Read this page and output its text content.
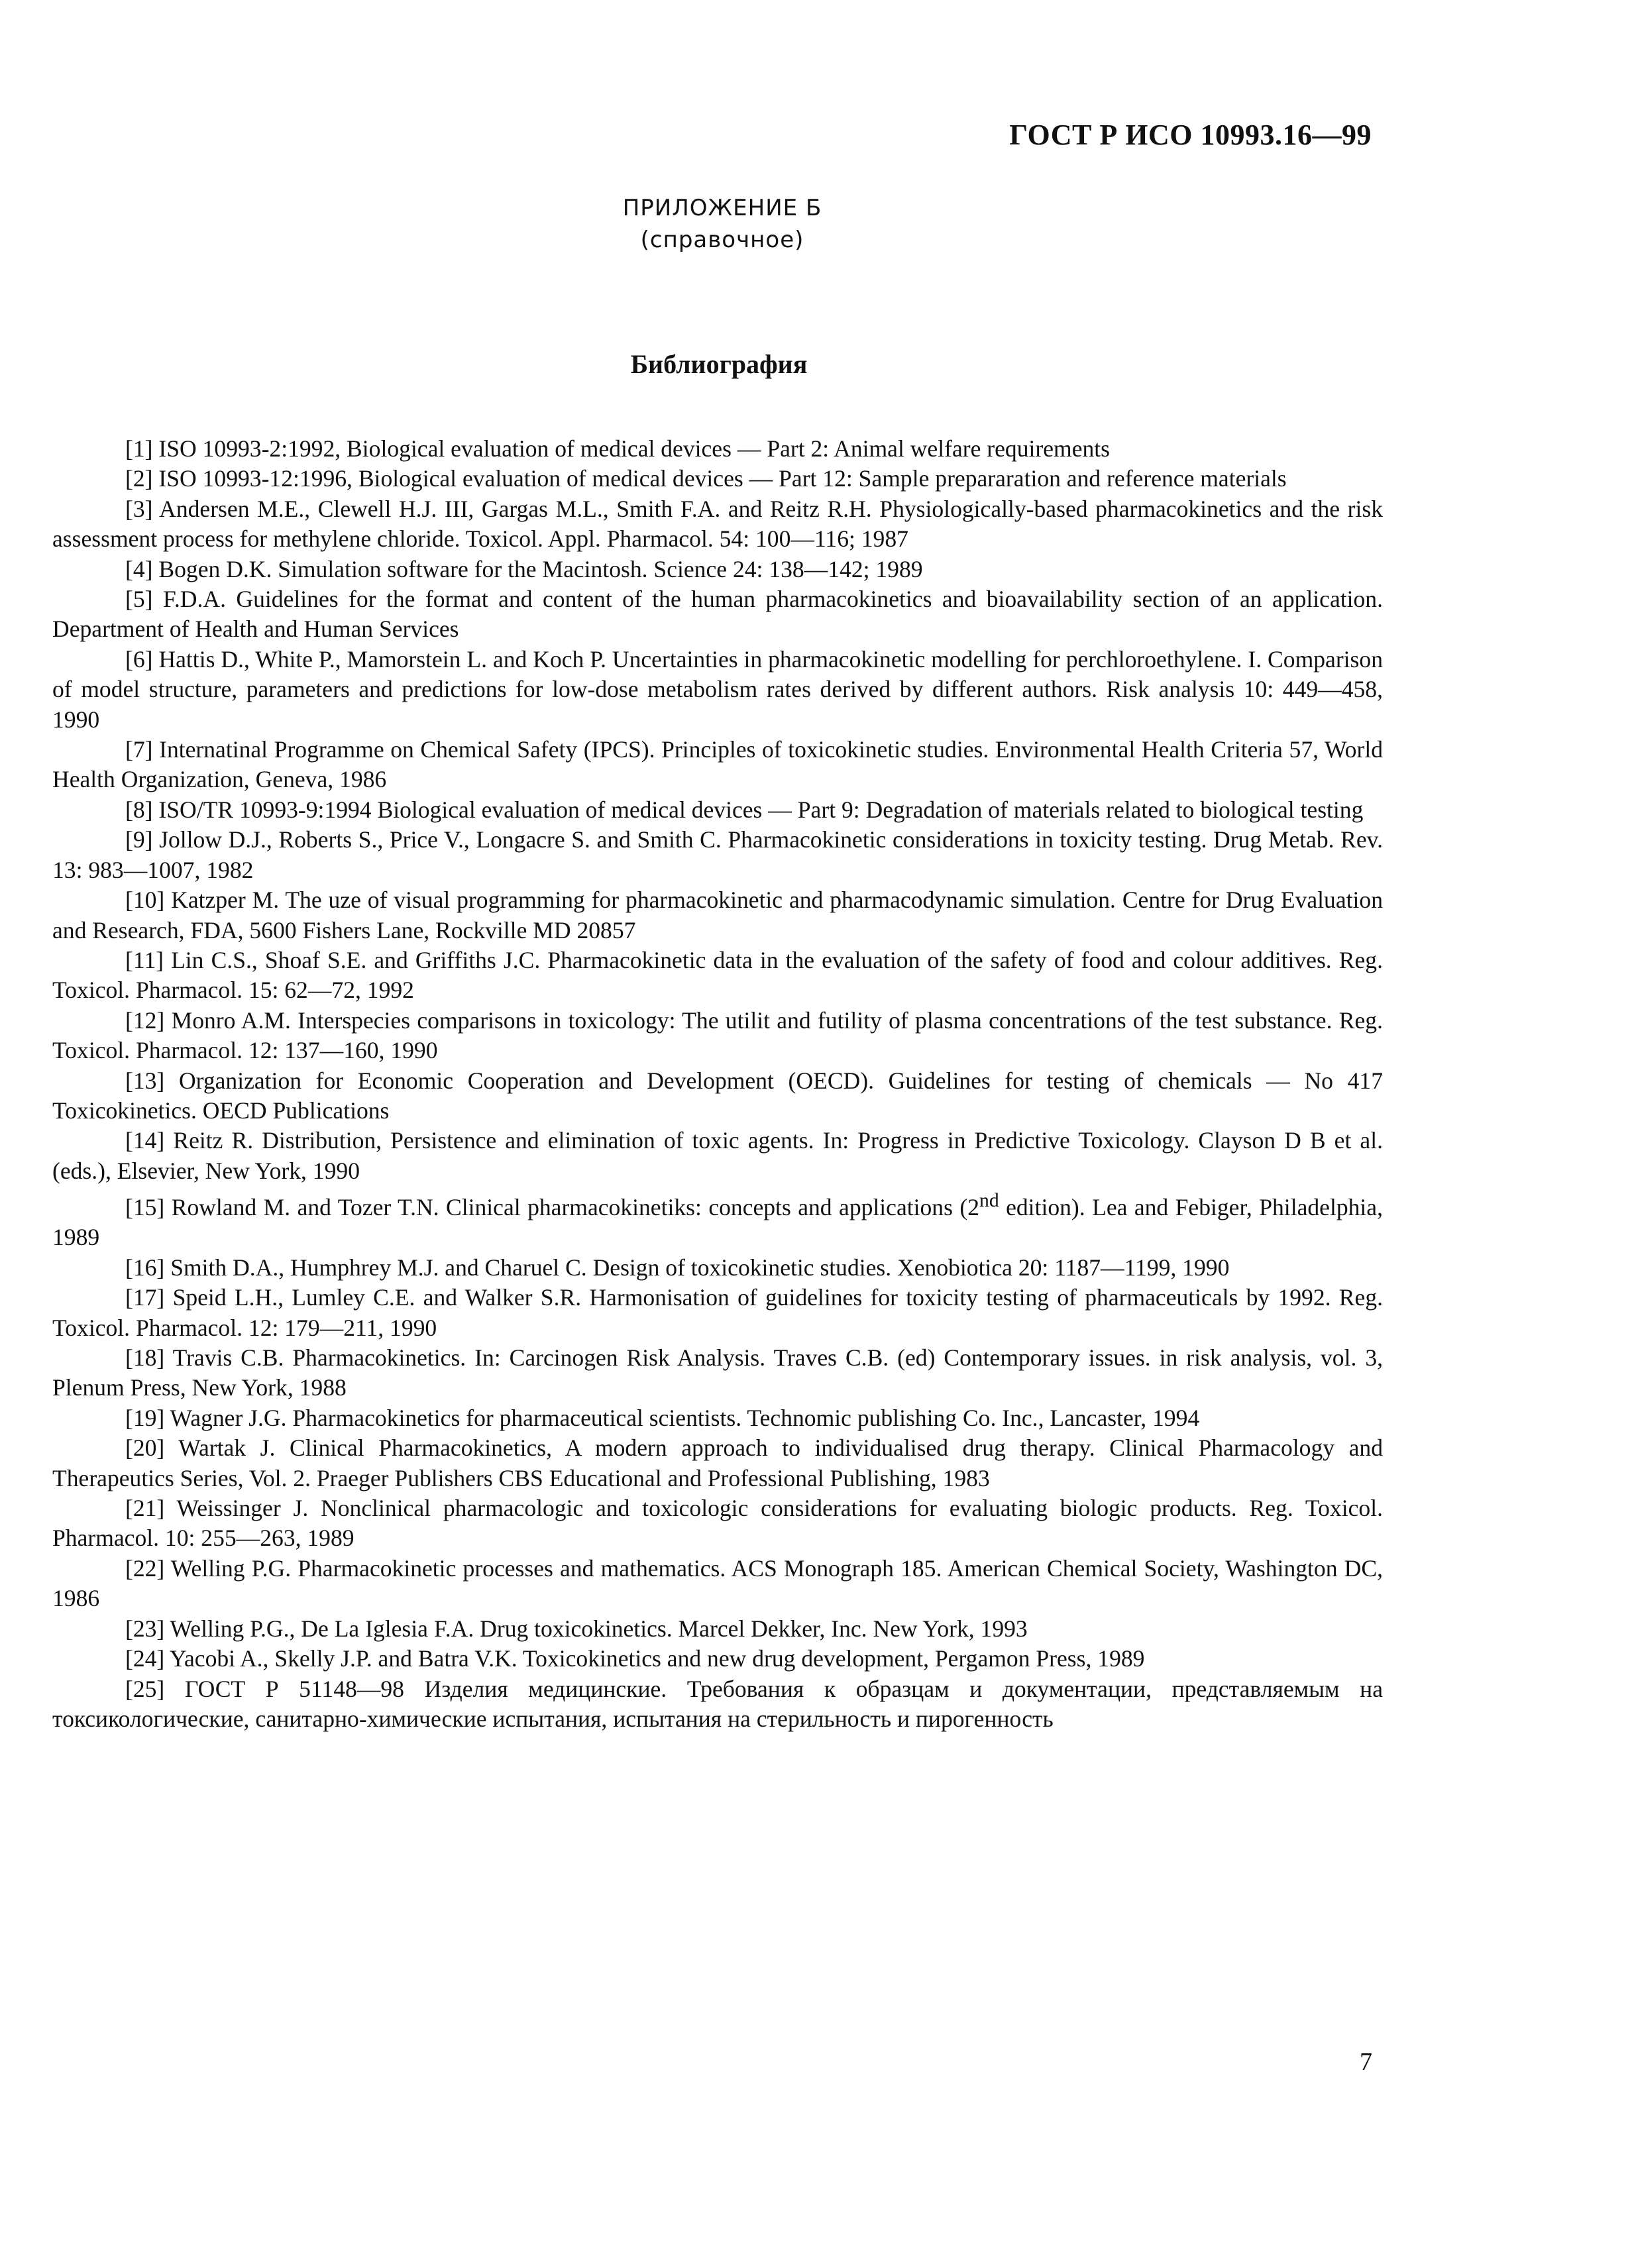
ГОСТ Р ИСО 10993.16—99
ПРИЛОЖЕНИЕ Б
(справочное)
Библиография

[1] ISO 10993-2:1992, Biological evaluation of medical devices — Part 2: Animal welfare requirements

[2] ISO 10993-12:1996, Biological evaluation of medical devices — Part 12: Sample prepararation and reference materials

[3] Andersen M.E., Clewell H.J. III, Gargas M.L., Smith F.A. and Reitz R.H. Physiologically-based pharmacokinetics and the risk assessment process for methylene chloride. Toxicol. Appl. Pharmacol. 54: 100—116; 1987

[4] Bogen D.K. Simulation software for the Macintosh. Science 24: 138—142; 1989

[5] F.D.A. Guidelines for the format and content of the human pharmacokinetics and bioavailability section of an application. Department of Health and Human Services

[6] Hattis D., White P., Mamorstein L. and Koch P. Uncertainties in pharmacokinetic modelling for perchloroethylene. I. Comparison of model structure, parameters and predictions for low-dose metabolism rates derived by different authors. Risk analysis 10: 449—458, 1990

[7] Internatinal Programme on Chemical Safety (IPCS). Principles of toxicokinetic studies. Environmental Health Criteria 57, World Health Organization, Geneva, 1986

[8] ISO/TR 10993-9:1994 Biological evaluation of medical devices — Part 9: Degradation of materials related to biological testing

[9] Jollow D.J., Roberts S., Price V., Longacre S. and Smith C. Pharmacokinetic considerations in toxicity testing. Drug Metab. Rev. 13: 983—1007, 1982

[10] Katzper M. The uze of visual programming for pharmacokinetic and pharmacodynamic simulation. Centre for Drug Evaluation and Research, FDA, 5600 Fishers Lane, Rockville MD 20857

[11] Lin C.S., Shoaf S.E. and Griffiths J.C. Pharmacokinetic data in the evaluation of the safety of food and colour additives. Reg. Toxicol. Pharmacol. 15: 62—72, 1992

[12] Monro A.M. Interspecies comparisons in toxicology: The utilit and futility of plasma concentrations of the test substance. Reg. Toxicol. Pharmacol. 12: 137—160, 1990

[13] Organization for Economic Cooperation and Development (OECD). Guidelines for testing of chemicals — No 417 Toxicokinetics. OECD Publications

[14] Reitz R. Distribution, Persistence and elimination of toxic agents. In: Progress in Predictive Toxicology. Clayson D B et al. (eds.), Elsevier, New York, 1990

[15] Rowland M. and Tozer T.N. Clinical pharmacokinetiks: concepts and applications (2nd edition). Lea and Febiger, Philadelphia, 1989

[16] Smith D.A., Humphrey M.J. and Charuel C. Design of toxicokinetic studies. Xenobiotica 20: 1187—1199, 1990

[17] Speid L.H., Lumley C.E. and Walker S.R. Harmonisation of guidelines for toxicity testing of pharmaceuticals by 1992. Reg. Toxicol. Pharmacol. 12: 179—211, 1990

[18] Travis C.B. Pharmacokinetics. In: Carcinogen Risk Analysis. Traves C.B. (ed) Contemporary issues. in risk analysis, vol. 3, Plenum Press, New York, 1988

[19] Wagner J.G. Pharmacokinetics for pharmaceutical scientists. Technomic publishing Co. Inc., Lancaster, 1994

[20] Wartak J. Clinical Pharmacokinetics, A modern approach to individualised drug therapy. Clinical Pharmacology and Therapeutics Series, Vol. 2. Praeger Publishers CBS Educational and Professional Publishing, 1983

[21] Weissinger J. Nonclinical pharmacologic and toxicologic considerations for evaluating biologic products. Reg. Toxicol. Pharmacol. 10: 255—263, 1989

[22] Welling P.G. Pharmacokinetic processes and mathematics. ACS Monograph 185. American Chemical Society, Washington DC, 1986

[23] Welling P.G., De La Iglesia F.A. Drug toxicokinetics. Marcel Dekker, Inc. New York, 1993

[24] Yacobi A., Skelly J.P. and Batra V.K. Toxicokinetics and new drug development, Pergamon Press, 1989

[25] ГОСТ Р 51148—98 Изделия медицинские. Требования к образцам и документации, представляемым на токсикологические, санитарно-химические испытания, испытания на стерильность и пирогенность

7
